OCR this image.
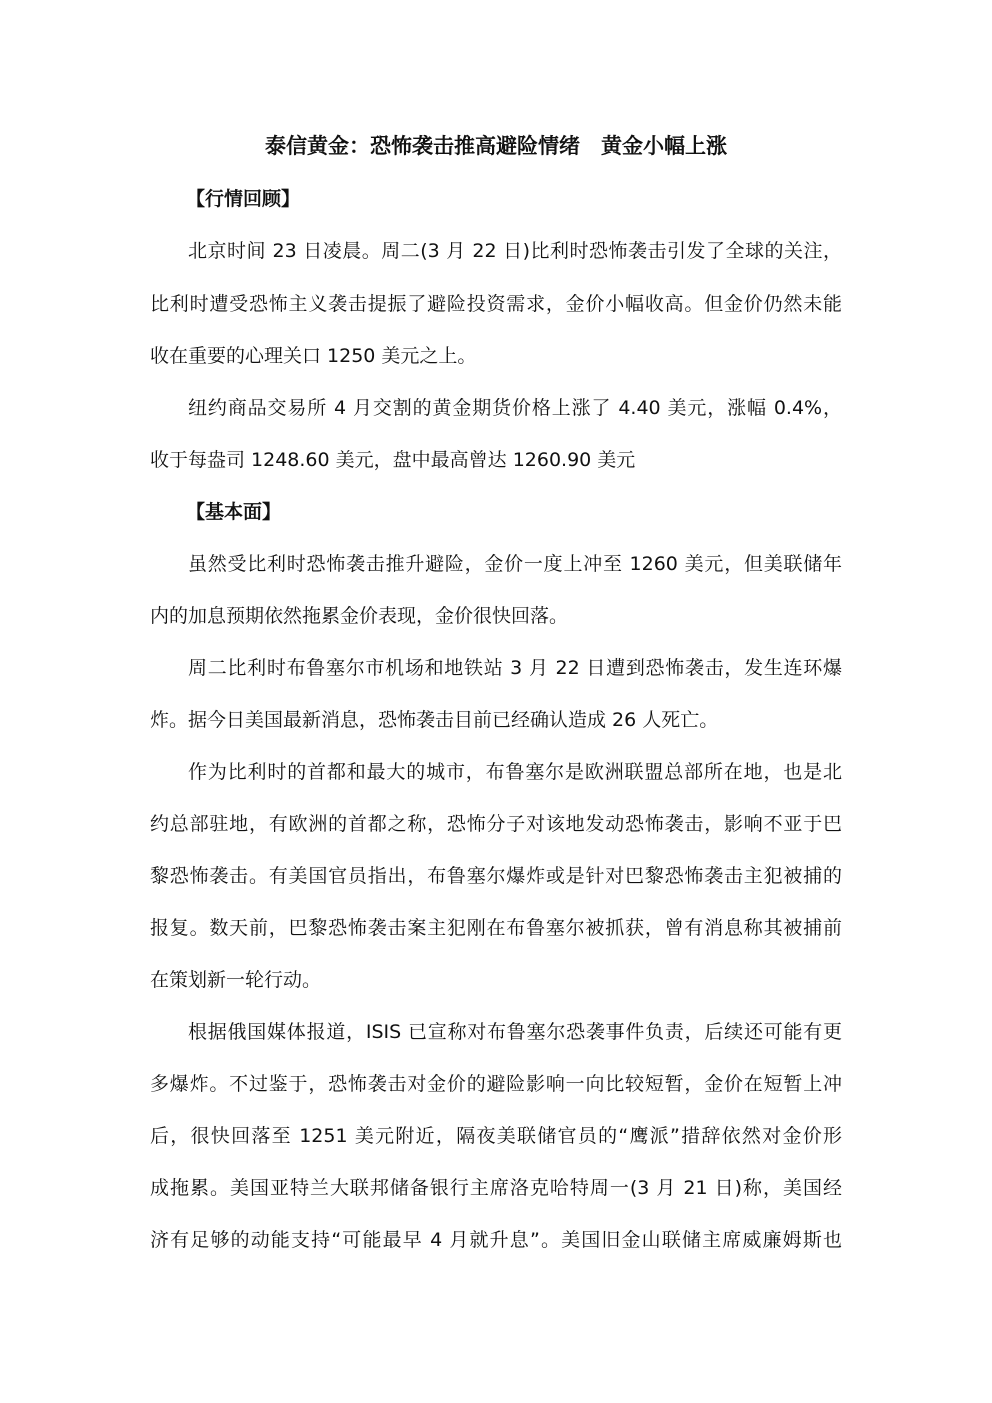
泰信黄金：恐怖袭击推高避险情绪　黄金小幅上涨
【行情回顾】
北京时间 23 日凌晨。周二(3 月 22 日)比利时恐怖袭击引发了全球的关注，
比利时遭受恐怖主义袭击提振了避险投资需求，金价小幅收高。但金价仍然未能
收在重要的心理关口 1250 美元之上。
纽约商品交易所 4 月交割的黄金期货价格上涨了 4.40 美元，涨幅 0.4%，
收于每盎司 1248.60 美元，盘中最高曾达 1260.90 美元
【基本面】
虽然受比利时恐怖袭击推升避险，金价一度上冲至 1260 美元，但美联储年
内的加息预期依然拖累金价表现，金价很快回落。
周二比利时布鲁塞尔市机场和地铁站 3 月 22 日遭到恐怖袭击，发生连环爆
炸。据今日美国最新消息，恐怖袭击目前已经确认造成 26 人死亡。
作为比利时的首都和最大的城市，布鲁塞尔是欧洲联盟总部所在地，也是北
约总部驻地，有欧洲的首都之称，恐怖分子对该地发动恐怖袭击，影响不亚于巴
黎恐怖袭击。有美国官员指出，布鲁塞尔爆炸或是针对巴黎恐怖袭击主犯被捕的
报复。数天前，巴黎恐怖袭击案主犯刚在布鲁塞尔被抓获，曾有消息称其被捕前
在策划新一轮行动。
根据俄国媒体报道，ISIS 已宣称对布鲁塞尔恐袭事件负责，后续还可能有更
多爆炸。不过鉴于，恐怖袭击对金价的避险影响一向比较短暂，金价在短暂上冲
后，很快回落至 1251 美元附近，隔夜美联储官员的“鹰派”措辞依然对金价形
成拖累。美国亚特兰大联邦储备银行主席洛克哈特周一(3 月 21 日)称，美国经
济有足够的动能支持“可能最早 4 月就升息”。美国旧金山联储主席威廉姆斯也
